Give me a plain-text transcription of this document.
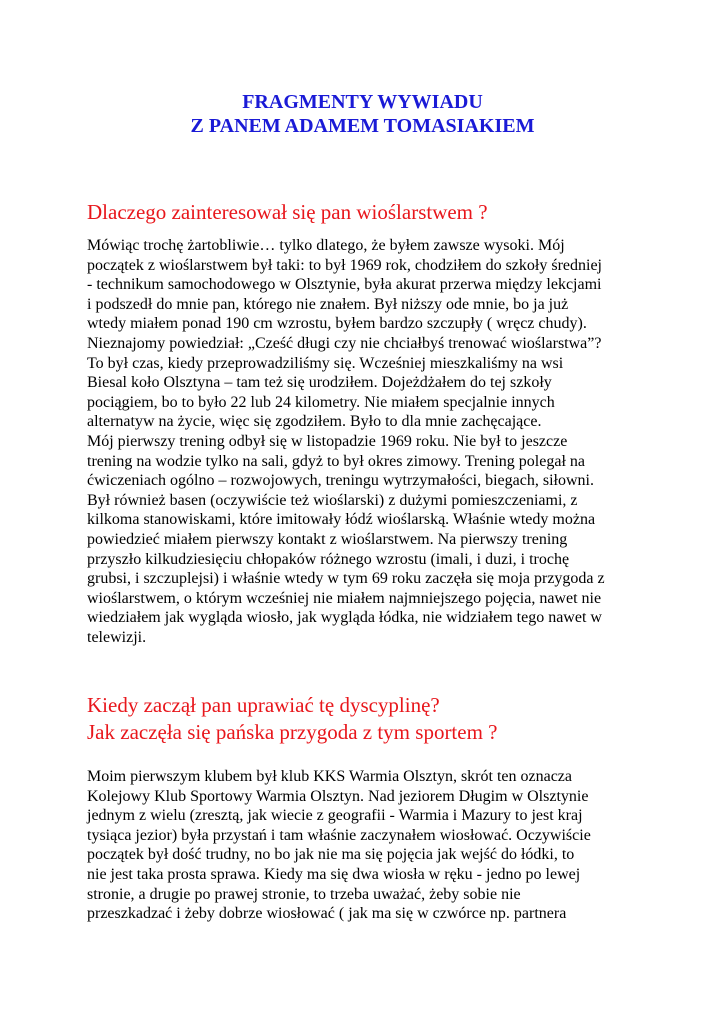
FRAGMENTY WYWIADU
Z PANEM ADAMEM TOMASIAKIEM
Dlaczego zainteresował się pan wioślarstwem ?
Mówiąc trochę żartobliwie… tylko dlatego, że byłem zawsze wysoki. Mój
początek z wioślarstwem był taki: to był 1969 rok, chodziłem do szkoły średniej
- technikum samochodowego w Olsztynie, była akurat przerwa między lekcjami
i podszedł do mnie pan, którego nie znałem. Był niższy ode mnie, bo ja już
wtedy miałem ponad 190 cm wzrostu, byłem bardzo szczupły ( wręcz chudy).
Nieznajomy powiedział: „Cześć długi czy nie chciałbyś trenować wioślarstwa”?
To był czas, kiedy przeprowadziliśmy się. Wcześniej mieszkaliśmy na wsi
Biesal koło Olsztyna – tam też się urodziłem. Dojeżdżałem do tej szkoły
pociągiem, bo to było 22 lub 24 kilometry. Nie miałem specjalnie innych
alternatyw na życie, więc się zgodziłem. Było to dla mnie zachęcające.
Mój pierwszy trening odbył się w listopadzie 1969 roku. Nie był to jeszcze
trening na wodzie tylko na sali, gdyż to był okres zimowy. Trening polegał na
ćwiczeniach ogólno – rozwojowych, treningu wytrzymałości, biegach, siłowni.
Był również basen (oczywiście też wioślarski) z dużymi pomieszczeniami, z
kilkoma stanowiskami, które imitowały łódź wioślarską. Właśnie wtedy można
powiedzieć miałem pierwszy kontakt z wioślarstwem. Na pierwszy trening
przyszło kilkudziesięciu chłopaków różnego wzrostu (imali, i duzi, i trochę
grubsi, i szczuplejsi) i właśnie wtedy w tym 69 roku zaczęła się moja przygoda z
wioślarstwem, o którym wcześniej nie miałem najmniejszego pojęcia, nawet nie
wiedziałem jak wygląda wiosło, jak wygląda łódka, nie widziałem tego nawet w
telewizji.
Kiedy zaczął pan uprawiać tę dyscyplinę?
Jak zaczęła się pańska przygoda z tym sportem ?
Moim pierwszym klubem był klub KKS Warmia Olsztyn, skrót ten oznacza
Kolejowy Klub Sportowy Warmia Olsztyn. Nad jeziorem Długim w Olsztynie
jednym z wielu (zresztą, jak wiecie z geografii - Warmia i Mazury to jest kraj
tysiąca jezior) była przystań i tam właśnie zaczynałem wiosłować. Oczywiście
początek był dość trudny, no bo jak nie ma się pojęcia jak wejść do łódki, to
nie jest taka prosta sprawa. Kiedy ma się dwa wiosła w ręku - jedno po lewej
stronie, a drugie po prawej stronie, to trzeba uważać, żeby sobie nie
przeszkadzać i żeby dobrze wiosłować ( jak ma się w czwórce np. partnera
